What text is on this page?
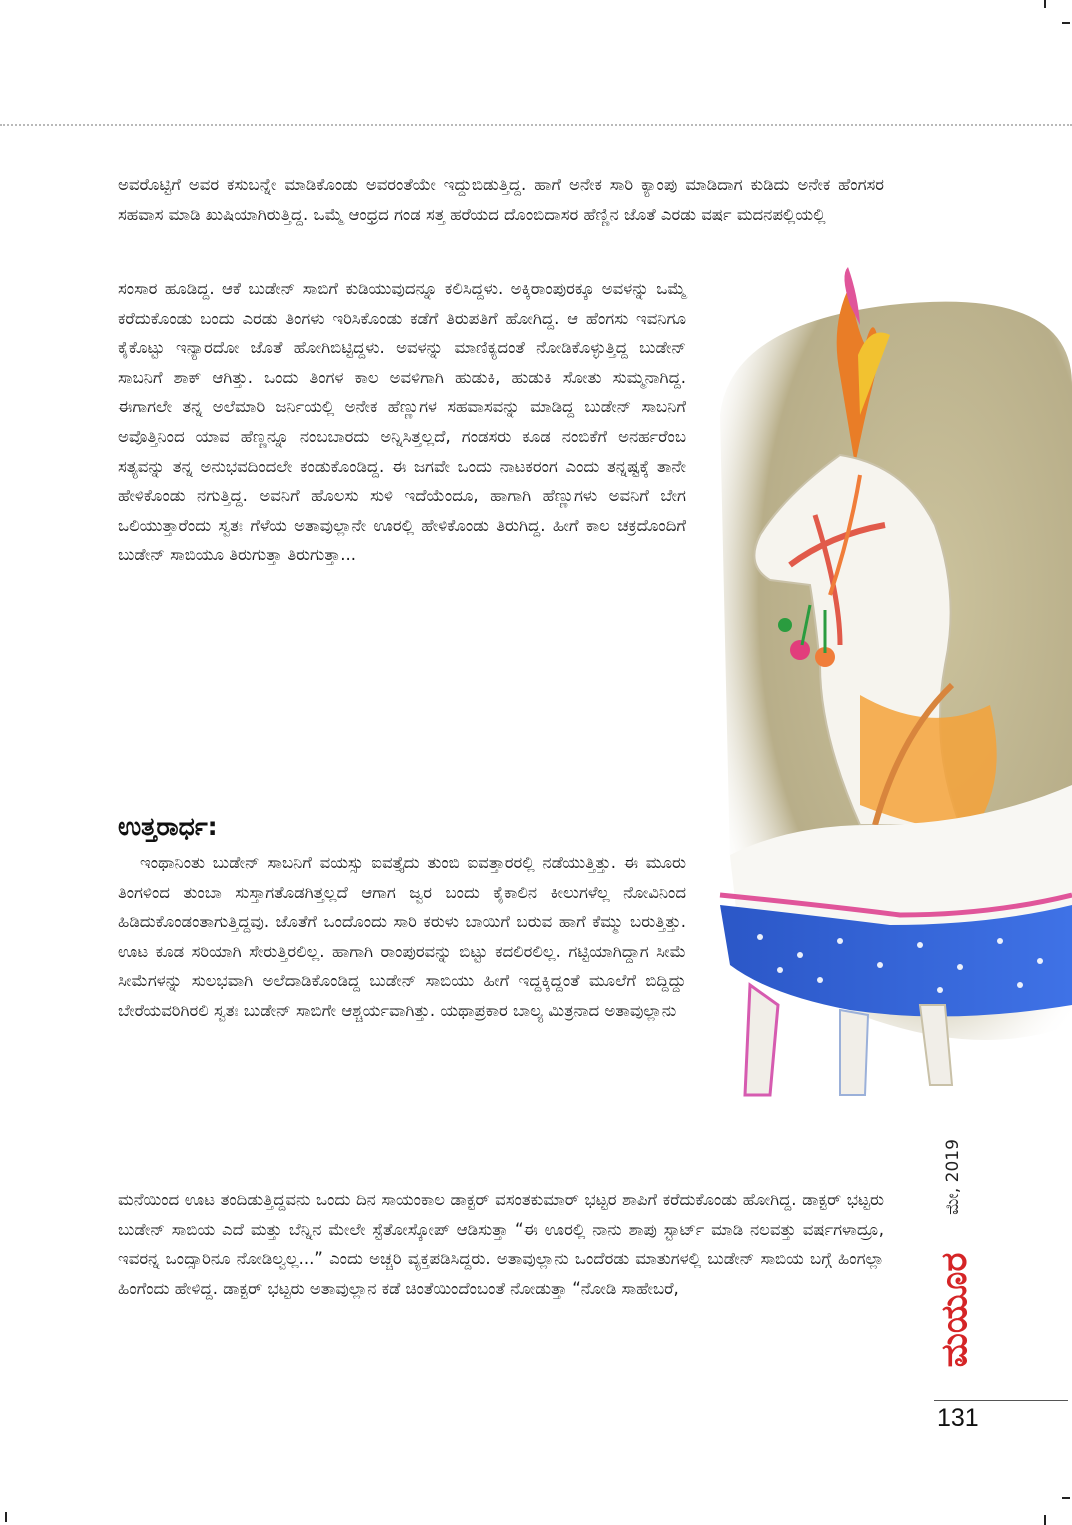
ಅವರೊಟ್ಟಿಗೆ ಅವರ ಕಸುಬನ್ನೇ ಮಾಡಿಕೊಂಡು ಅವರಂತೆಯೇ ಇದ್ದುಬಿಡುತ್ತಿದ್ದ. ಹಾಗೆ ಅನೇಕ ಸಾರಿ ಕ್ಯಾಂಪು ಮಾಡಿದಾಗ ಕುಡಿದು ಅನೇಕ ಹೆಂಗಸರ ಸಹವಾಸ ಮಾಡಿ ಖುಷಿಯಾಗಿರುತ್ತಿದ್ದ. ಒಮ್ಮೆ ಆಂಧ್ರದ ಗಂಡ ಸತ್ತ ಹರೆಯದ ದೊಂಬಿದಾಸರ ಹೆಣ್ಣಿನ ಜೊತೆ ಎರಡು ವರ್ಷ ಮದನಪಲ್ಲಿಯಲ್ಲಿ

ಸಂಸಾರ ಹೂಡಿದ್ದ. ಆಕೆ ಬುಡೇನ್ ಸಾಬಿಗೆ ಕುಡಿಯುವುದನ್ನೂ ಕಲಿಸಿದ್ದಳು. ಅಕ್ಕಿರಾಂಪುರಕ್ಕೂ ಅವಳನ್ನು ಒಮ್ಮೆ ಕರೆದುಕೊಂಡು ಬಂದು ಎರಡು ತಿಂಗಳು ಇರಿಸಿಕೊಂಡು ಕಡೆಗೆ ತಿರುಪತಿಗೆ ಹೋಗಿದ್ದ. ಆ ಹೆಂಗಸು ಇವನಿಗೂ ಕೈಕೊಟ್ಟು ಇನ್ಯಾರದೋ ಜೊತೆ ಹೋಗಿಬಿಟ್ಟಿದ್ದಳು. ಅವಳನ್ನು ಮಾಣಿಕ್ಯದಂತೆ ನೋಡಿಕೊಳ್ಳುತ್ತಿದ್ದ ಬುಡೇನ್ ಸಾಬನಿಗೆ ಶಾಕ್ ಆಗಿತ್ತು. ಒಂದು ತಿಂಗಳ ಕಾಲ ಅವಳಿಗಾಗಿ ಹುಡುಕಿ, ಹುಡುಕಿ ಸೋತು ಸುಮ್ಮನಾಗಿದ್ದ. ಈಗಾಗಲೇ ತನ್ನ ಅಲೆಮಾರಿ ಜರ್ನಿಯಲ್ಲಿ ಅನೇಕ ಹೆಣ್ಣುಗಳ ಸಹವಾಸವನ್ನು ಮಾಡಿದ್ದ ಬುಡೇನ್ ಸಾಬನಿಗೆ ಅವೊತ್ತಿನಿಂದ ಯಾವ ಹೆಣ್ಣನ್ನೂ ನಂಬಬಾರದು ಅನ್ನಿಸಿತ್ತಲ್ಲದೆ, ಗಂಡಸರು ಕೂಡ ನಂಬಿಕೆಗೆ ಅನರ್ಹರೆಂಬ ಸತ್ಯವನ್ನು ತನ್ನ ಅನುಭವದಿಂದಲೇ ಕಂಡುಕೊಂಡಿದ್ದ. ಈ ಜಗವೇ ಒಂದು ನಾಟಕರಂಗ ಎಂದು ತನ್ನಷ್ಟಕ್ಕೆ ತಾನೇ ಹೇಳಿಕೊಂಡು ನಗುತ್ತಿದ್ದ. ಅವನಿಗೆ ಹೊಲಸು ಸುಳಿ ಇದೆಯೆಂದೂ, ಹಾಗಾಗಿ ಹೆಣ್ಣುಗಳು ಅವನಿಗೆ ಬೇಗ ಒಲಿಯುತ್ತಾರೆಂದು ಸ್ವತಃ ಗೆಳೆಯ ಅತಾವುಲ್ಲಾನೇ ಊರಲ್ಲಿ ಹೇಳಿಕೊಂಡು ತಿರುಗಿದ್ದ. ಹೀಗೆ ಕಾಲ ಚಕ್ರದೊಂದಿಗೆ ಬುಡೇನ್ ಸಾಬಿಯೂ ತಿರುಗುತ್ತಾ ತಿರುಗುತ್ತಾ...

ಉತ್ತರಾರ್ಧ:

ಇಂಥಾನಿಂತು ಬುಡೇನ್ ಸಾಬನಿಗೆ ವಯಸ್ಸು ಐವತ್ತೈದು ತುಂಬಿ ಐವತ್ತಾರರಲ್ಲಿ ನಡೆಯುತ್ತಿತ್ತು. ಈ ಮೂರು ತಿಂಗಳಿಂದ ತುಂಬಾ ಸುಸ್ತಾಗತೊಡಗಿತ್ತಲ್ಲದೆ ಆಗಾಗ ಜ್ವರ ಬಂದು ಕೈಕಾಲಿನ ಕೀಲುಗಳೆಲ್ಲ ನೋವಿನಿಂದ ಹಿಡಿದುಕೊಂಡಂತಾಗುತ್ತಿದ್ದವು. ಜೊತೆಗೆ ಒಂದೊಂದು ಸಾರಿ ಕರುಳು ಬಾಯಿಗೆ ಬರುವ ಹಾಗೆ ಕೆಮ್ಮು ಬರುತ್ತಿತ್ತು. ಊಟ ಕೂಡ ಸರಿಯಾಗಿ ಸೇರುತ್ತಿರಲಿಲ್ಲ. ಹಾಗಾಗಿ ರಾಂಪುರವನ್ನು ಬಿಟ್ಟು ಕದಲಿರಲಿಲ್ಲ. ಗಟ್ಟಿಯಾಗಿದ್ದಾಗ ಸೀಮೆ ಸೀಮೆಗಳನ್ನು ಸುಲಭವಾಗಿ ಅಲೆದಾಡಿಕೊಂಡಿದ್ದ ಬುಡೇನ್ ಸಾಬಿಯು ಹೀಗೆ ಇದ್ದಕ್ಕಿದ್ದಂತೆ ಮೂಲೆಗೆ ಬಿದ್ದಿದ್ದು ಬೇರೆಯವರಿಗಿರಲಿ ಸ್ವತಃ ಬುಡೇನ್ ಸಾಬಿಗೇ ಆಶ್ಚರ್ಯವಾಗಿತ್ತು. ಯಥಾಪ್ರಕಾರ ಬಾಲ್ಯ ಮಿತ್ರನಾದ ಅತಾವುಲ್ಲಾನು

ಮನೆಯಿಂದ ಊಟ ತಂದಿಡುತ್ತಿದ್ದವನು ಒಂದು ದಿನ ಸಾಯಂಕಾಲ ಡಾಕ್ಟರ್ ವಸಂತಕುಮಾರ್ ಭಟ್ಟರ ಶಾಪಿಗೆ ಕರೆದುಕೊಂಡು ಹೋಗಿದ್ದ. ಡಾಕ್ಟರ್ ಭಟ್ಟರು ಬುಡೇನ್ ಸಾಬಿಯ ಎದೆ ಮತ್ತು ಬೆನ್ನಿನ ಮೇಲೇ ಸ್ಟೆತೋಸ್ಕೋಪ್ ಆಡಿಸುತ್ತಾ “ಈ ಊರಲ್ಲಿ ನಾನು ಶಾಪು ಸ್ಟಾರ್ಟ್ ಮಾಡಿ ನಲವತ್ತು ವರ್ಷಗಳಾದ್ರೂ, ಇವರನ್ನ ಒಂದ್ಸಾರಿನೂ ನೋಡಿಲ್ವಲ್ಲ...” ಎಂದು ಅಚ್ಚರಿ ವ್ಯಕ್ತಪಡಿಸಿದ್ದರು. ಅತಾವುಲ್ಲಾನು ಒಂದೆರಡು ಮಾತುಗಳಲ್ಲಿ ಬುಡೇನ್ ಸಾಬಿಯ ಬಗ್ಗೆ ಹಿಂಗಲ್ಲಾ ಹಿಂಗೆಂದು ಹೇಳಿದ್ದ. ಡಾಕ್ಟರ್ ಭಟ್ಟರು ಅತಾವುಲ್ಲಾನ ಕಡೆ ಚಿಂತೆಯಿಂದೆಂಬಂತೆ ನೋಡುತ್ತಾ “ನೋಡಿ ಸಾಹೇಬರೆ,

ಮೇ, 2019
ಮಯೂರ
131
